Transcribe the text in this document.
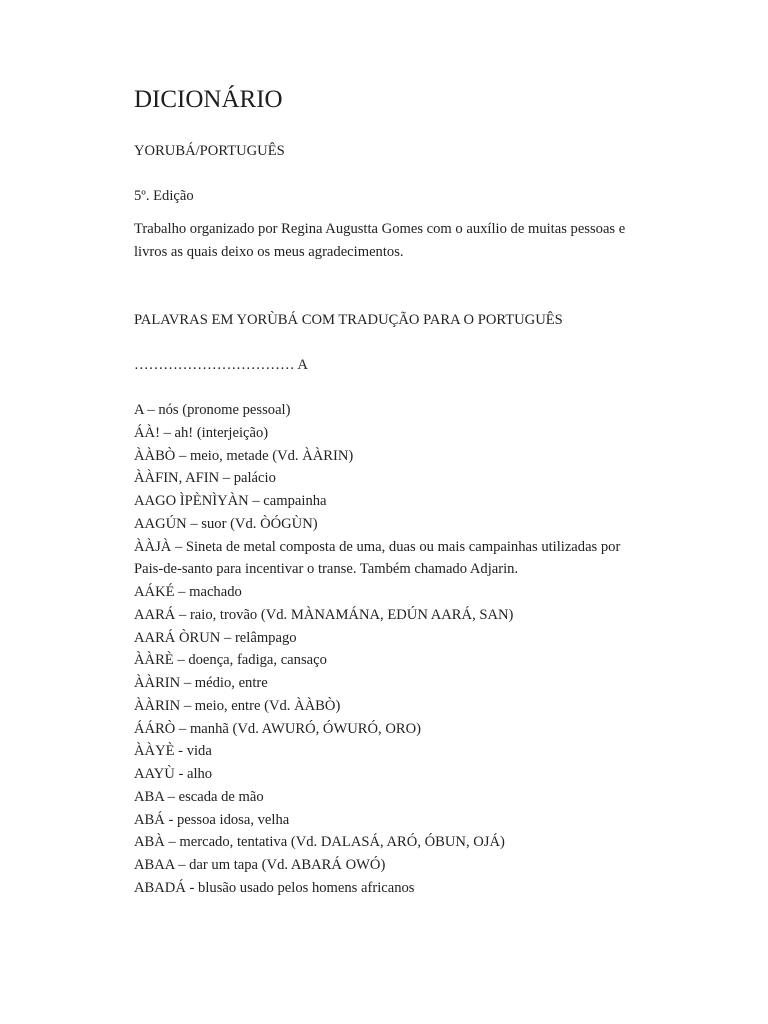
DICIONÁRIO

YORUBÁ/PORTUGUÊS

5º. Edição

Trabalho organizado por Regina Augustta Gomes com o auxílio de muitas pessoas e livros as quais deixo os meus agradecimentos.

PALAVRAS EM YORÙBÁ COM TRADUÇÃO PARA O PORTUGUÊS

…………………………… A

A – nós (pronome pessoal)
ÁÀ! – ah! (interjeição)
ÀÀBÒ – meio, metade (Vd. ÀÀRIN)
ÀÀFIN, AFIN – palácio
AAGO ÌPÈNÌYÀN – campainha
AAGÚN – suor (Vd. ÒÓGÙN)
ÀÀJÀ – Sineta de metal composta de uma, duas ou mais campainhas utilizadas por Pais-de-santo para incentivar o transe. Também chamado Adjarin.
AÁKÉ – machado
AARÁ – raio, trovão (Vd. MÀNAMÁNA, EDÚN AARÁ, SAN)
AARÁ ÒRUN – relâmpago
ÀÀRÈ – doença, fadiga, cansaço
ÀÀRIN – médio, entre
ÀÀRIN – meio, entre (Vd. ÀÀBÒ)
ÁÁRÒ – manhã (Vd. AWURÓ, ÓWURÓ, ORO)
ÀÀYÈ - vida
AAYÙ - alho
ABA – escada de mão
ABÁ - pessoa idosa, velha
ABÀ – mercado, tentativa (Vd. DALASÁ, ARÓ, ÓBUN, OJÁ)
ABAA – dar um tapa (Vd. ABARÁ OWÓ)
ABADÁ - blusão usado pelos homens africanos
